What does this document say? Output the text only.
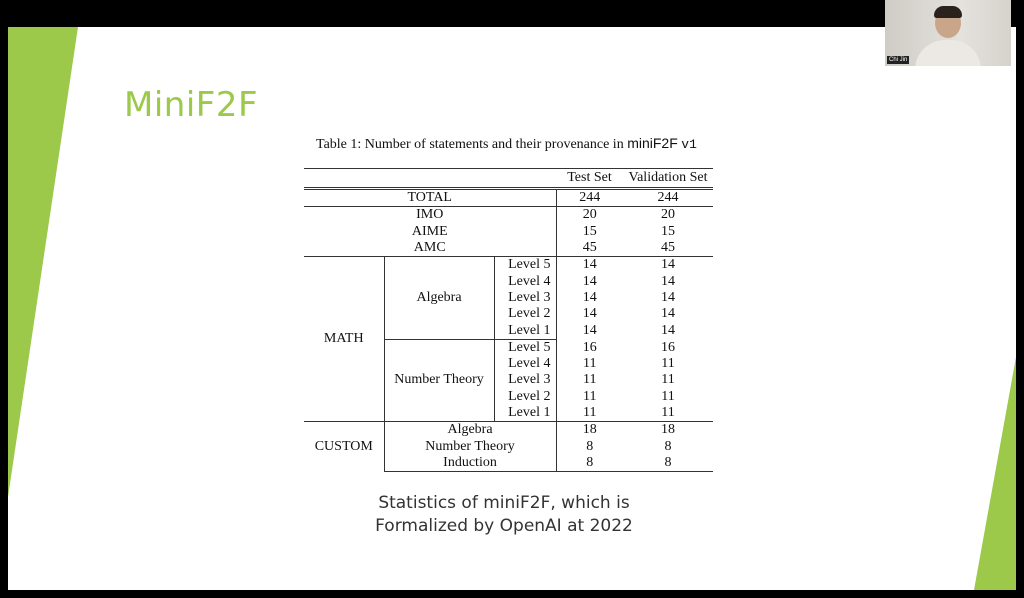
MiniF2F
Table 1: Number of statements and their provenance in miniF2F v1

			Test Set	Validation Set
TOTAL			244	244
IMO			20	20
AIME			15	15
AMC			45	45
MATH	Algebra	Level 5	14	14
		Level 4	14	14
		Level 3	14	14
		Level 2	14	14
		Level 1	14	14
	Number Theory	Level 5	16	16
		Level 4	11	11
		Level 3	11	11
		Level 2	11	11
		Level 1	11	11
CUSTOM	Algebra		18	18
	Number Theory		8	8
	Induction		8	8
Statistics of miniF2F, which is
Formalized by OpenAI at 2022
Chi Jin
